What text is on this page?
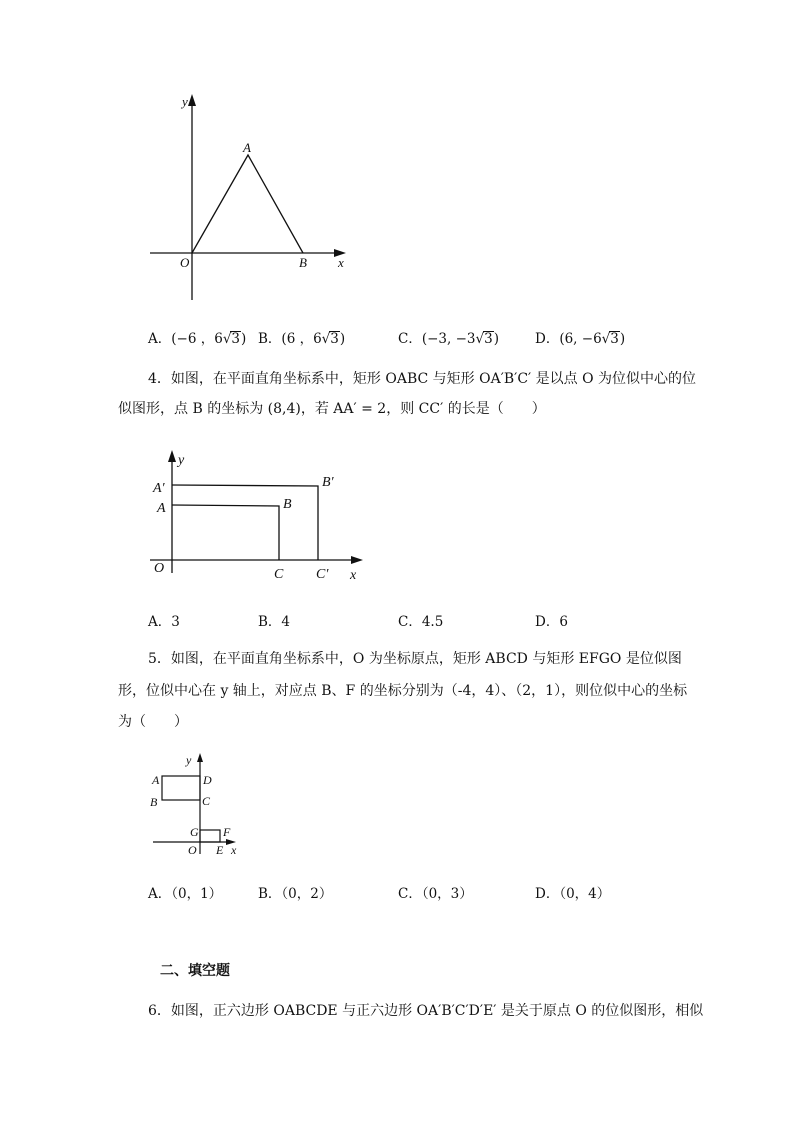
y
A
O	B x
A．(−6 ，6√3) B．(6 ，6√3)	C．(−3, −3√3)	D．(6, −6√3)
4．如图，在平面直角坐标系中，矩形 OABC 与矩形 OA′B′C′ 是以点 O 为位似中心的位
似图形，点 B 的坐标为 (8,4)，若 AA′ = 2，则 CC′ 的长是（　　）
y
A′
A
B′
B
O	C C′ x
A．3	B．4	C．4.5	D．6
5．如图，在平面直角坐标系中，O 为坐标原点，矩形 ABCD 与矩形 EFGO 是位似图
形，位似中心在 y 轴上，对应点 B、F 的坐标分别为（-4，4）、（2，1），则位似中心的坐标
为（　　）
y
A	D
B	C
G F
O E x
A．（0，1）	B．（0，2）	C．（0，3）	D．（0，4）
二、填空题
6．如图，正六边形 OABCDE 与正六边形 OA′B′C′D′E′ 是关于原点 O 的位似图形，相似
